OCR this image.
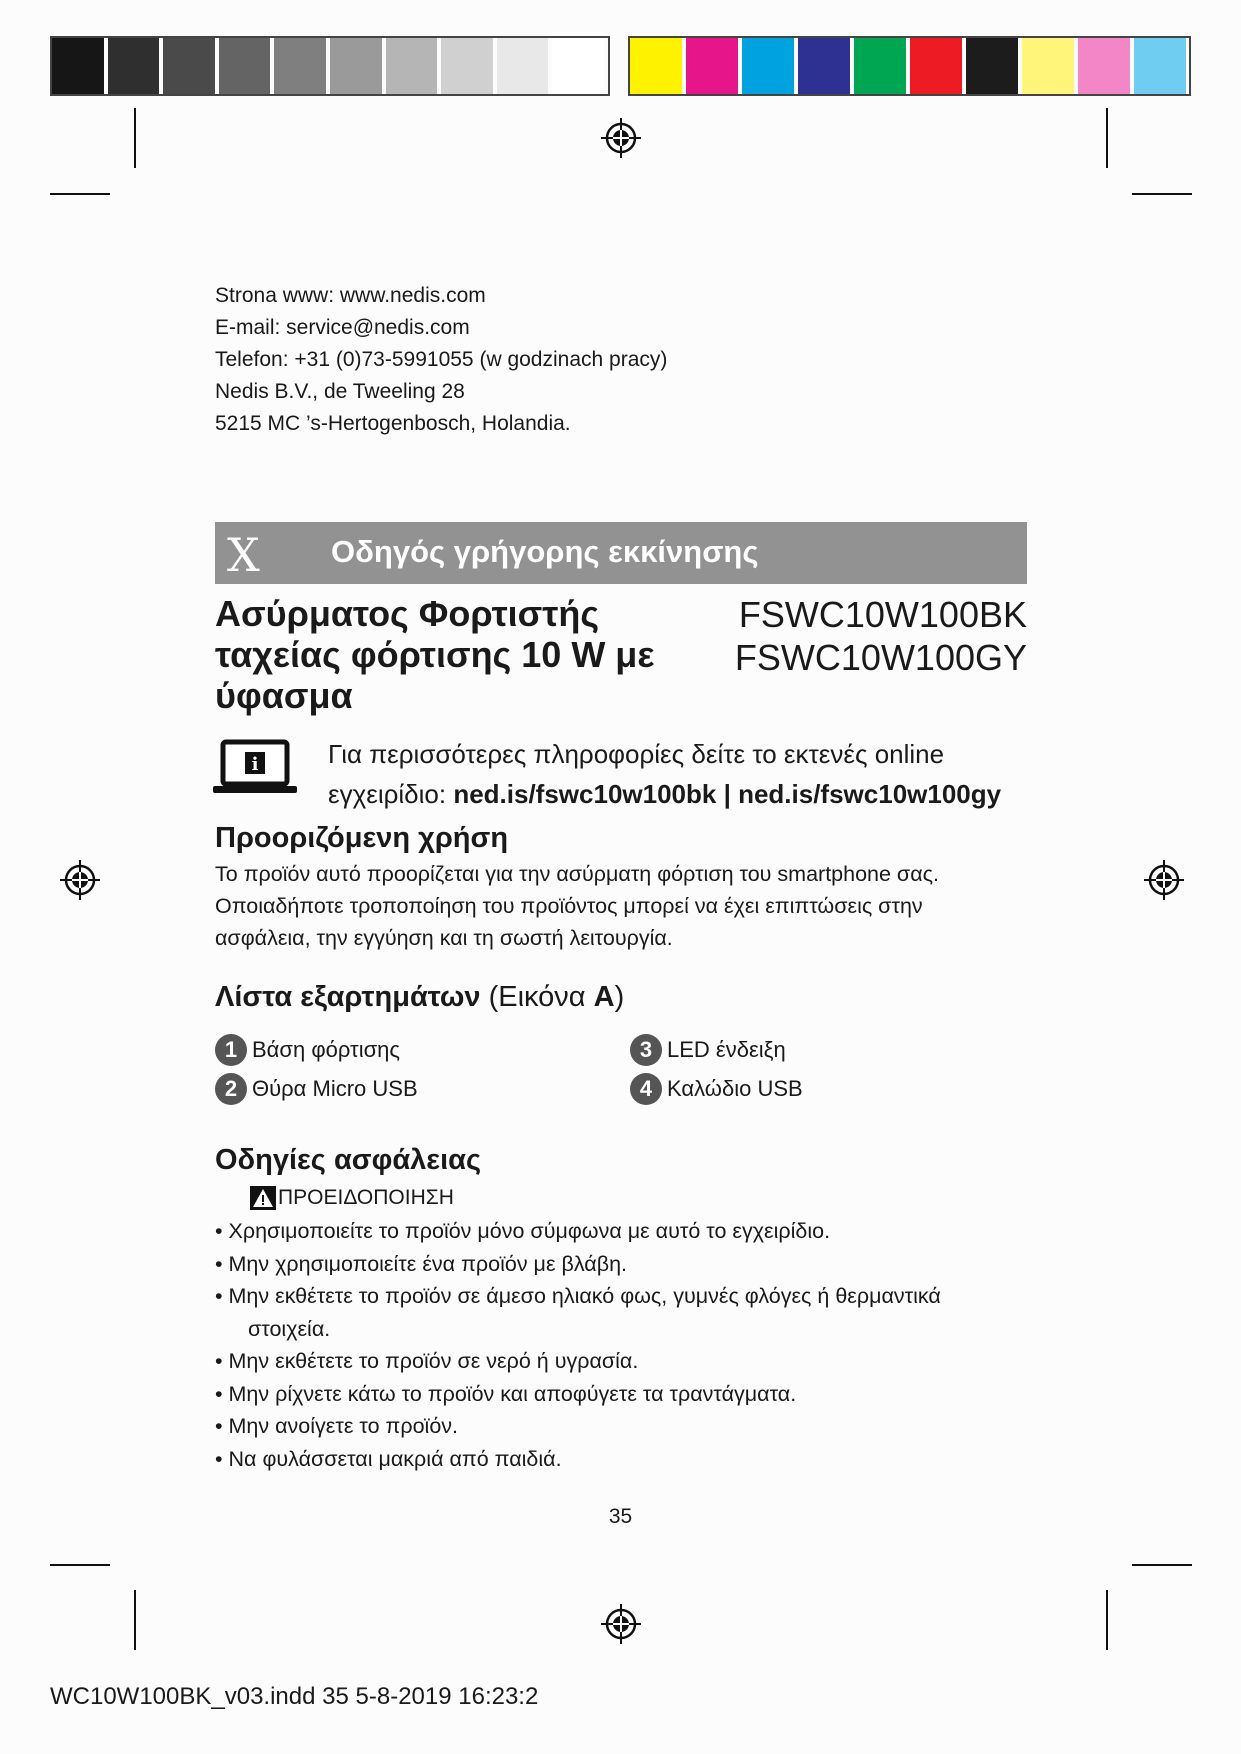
Strona www: www.nedis.com
E-mail: service@nedis.com
Telefon: +31 (0)73-5991055 (w godzinach pracy)
Nedis B.V., de Tweeling 28
5215 MC ’s-Hertogenbosch, Holandia.
X Οδηγός γρήγορης εκκίνησης
Ασύρματος Φορτιστής
ταχείας φόρτισης 10 W με
ύφασμα
FSWC10W100BK
FSWC10W100GY
i	Για περισσότερες πληροφορίες δείτε το εκτενές online
εγχειρίδιο: ned.is/fswc10w100bk | ned.is/fswc10w100gy
Προοριζόμενη χρήση
Το προϊόν αυτό προορίζεται για την ασύρματη φόρτιση του smartphone σας.
Οποιαδήποτε τροποποίηση του προϊόντος μπορεί να έχει επιπτώσεις στην
ασφάλεια, την εγγύηση και τη σωστή λειτουργία.
Λίστα εξαρτημάτων (Εικόνα A)
1 Βάση φόρτισης
2 Θύρα Micro USB
3 LED ένδειξη
4 Καλώδιο USB
Οδηγίες ασφάλειας
ΠΡΟΕΙΔΟΠΟΙΗΣΗ
• Χρησιμοποιείτε το προϊόν μόνο σύμφωνα με αυτό το εγχειρίδιο.
• Μην χρησιμοποιείτε ένα προϊόν με βλάβη.
• Μην εκθέτετε το προϊόν σε άμεσο ηλιακό φως, γυμνές φλόγες ή θερμαντικά
στοιχεία.
• Μην εκθέτετε το προϊόν σε νερό ή υγρασία.
• Μην ρίχνετε κάτω το προϊόν και αποφύγετε τα τραντάγματα.
• Μην ανοίγετε το προϊόν.
• Να φυλάσσεται μακριά από παιδιά.
35
WC10W100BK_v03.indd 35 5-8-2019 16:23:2
